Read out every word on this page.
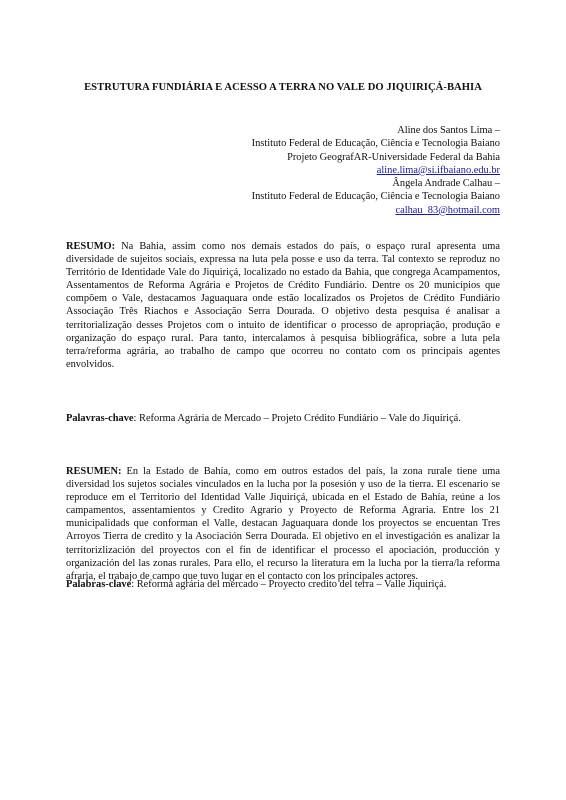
ESTRUTURA FUNDIÁRIA E ACESSO A TERRA NO VALE DO JIQUIRIÇÁ-BAHIA
Aline dos Santos Lima –
Instituto Federal de Educação, Ciência e Tecnologia Baiano
Projeto GeografAR-Universidade Federal da Bahia
aline.lima@si.ifbaiano.edu.br
Ângela Andrade Calhau –
Instituto Federal de Educação, Ciência e Tecnologia Baiano
calhau_83@hotmail.com
RESUMO: Na Bahia, assim como nos demais estados do país, o espaço rural apresenta uma diversidade de sujeitos sociais, expressa na luta pela posse e uso da terra. Tal contexto se reproduz no Território de Identidade Vale do Jiquiriçá, localizado no estado da Bahia, que congrega Acampamentos, Assentamentos de Reforma Agrária e Projetos de Crédito Fundiário. Dentre os 20 municípios que compõem o Vale, destacamos Jaguaquara onde estão localizados os Projetos de Crédito Fundiário Associação Três Riachos e Associação Serra Dourada. O objetivo desta pesquisa é analisar a territorialização desses Projetos com o intuito de identificar o processo de apropriação, produção e organização do espaço rural. Para tanto, intercalamos à pesquisa bibliográfica, sobre a luta pela terra/reforma agrária, ao trabalho de campo que ocorreu no contato com os principais agentes envolvidos.
Palavras-chave: Reforma Agrária de Mercado – Projeto Crédito Fundiário – Vale do Jiquiriçá.
RESUMEN: En la Estado de Bahía, como em outros estados del país, la zona rurale tiene uma diversidad los sujetos sociales vinculados en la lucha por la posesión y uso de la tierra. El escenario se reproduce em el Territorio del Identidad Valle Jiquiriçá, ubicada en el Estado de Bahía, reúne a los campamentos, assentamientos y Credito Agrario y Proyecto de Reforma Agraria. Entre los 21 municipalidads que conforman el Valle, destacan Jaguaquara donde los proyectos se encuentan Tres Arroyos Tierra de credito y la Asociación Serra Dourada. El objetivo en el investigación es analizar la territorizlización del proyectos con el fin de identificar el processo el apociación, producción y organización del las zonas rurales. Para ello, el recurso la literatura em la lucha por la tierra/la reforma afraria, el trabajo de campo que tuvo lugar en el contacto con los principales actores.
Palabras-clave: Reforma agrária del mercado – Proyecto credito del terra – Valle Jiquiriçá.
